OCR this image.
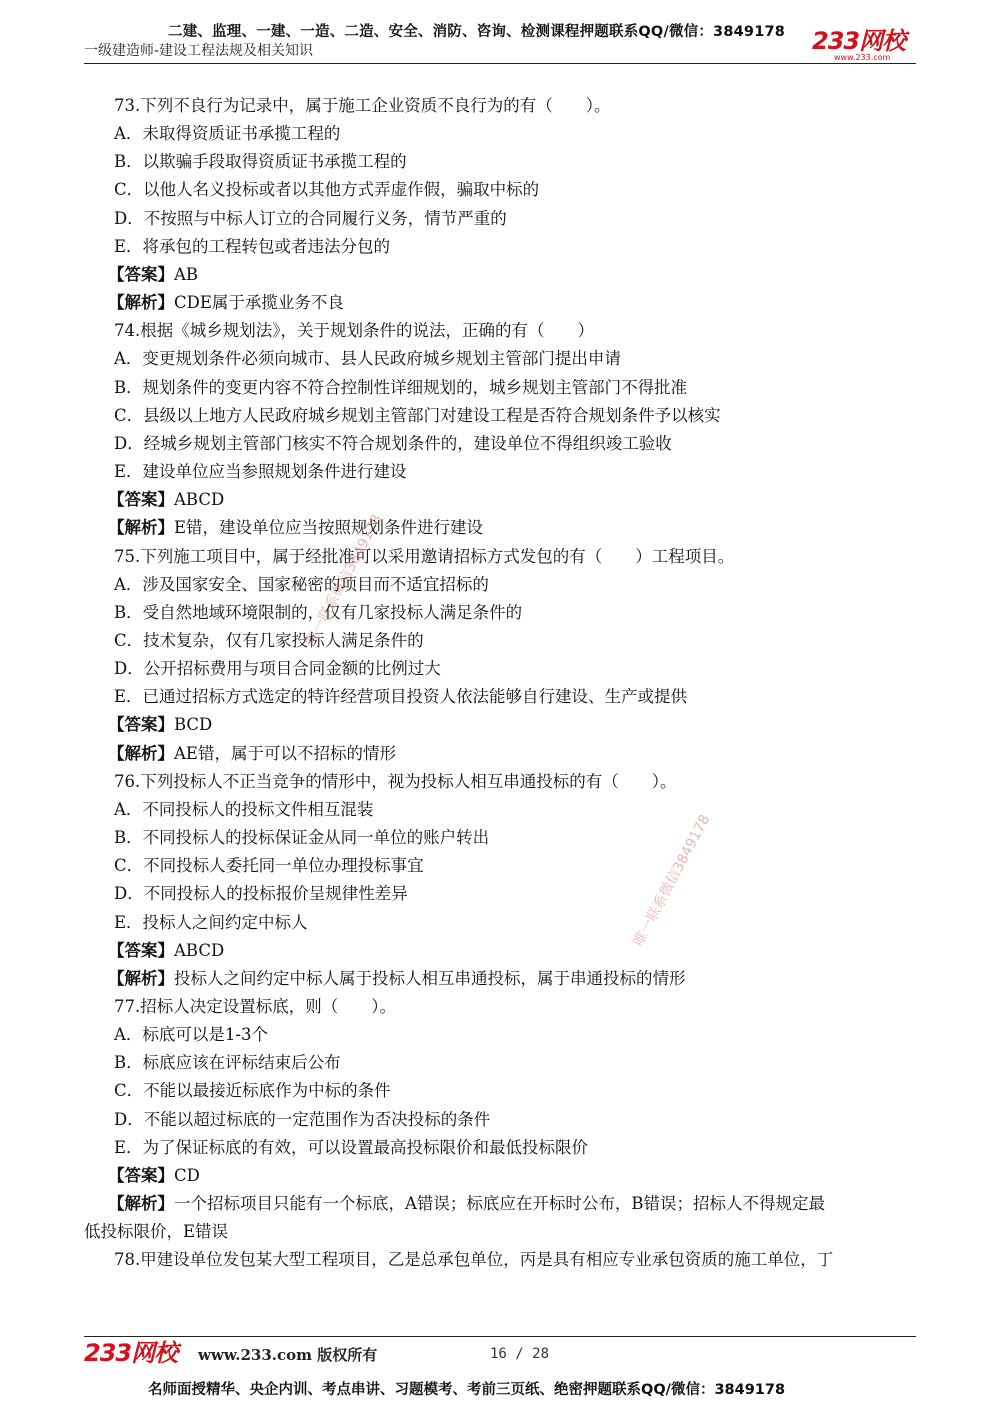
二建、监理、一建、一造、二造、安全、消防、咨询、检测课程押题联系QQ/微信：3849178
一级建造师-建设工程法规及相关知识	233网校
www.233.com

73.下列不良行为记录中，属于施工企业资质不良行为的有（　　）。

A．未取得资质证书承揽工程的

B．以欺骗手段取得资质证书承揽工程的

C．以他人名义投标或者以其他方式弄虚作假，骗取中标的

D．不按照与中标人订立的合同履行义务，情节严重的

E．将承包的工程转包或者违法分包的

【答案】AB

【解析】CDE属于承揽业务不良

74.根据《城乡规划法》，关于规划条件的说法，正确的有（　　）

A．变更规划条件必须向城市、县人民政府城乡规划主管部门提出申请

B．规划条件的变更内容不符合控制性详细规划的，城乡规划主管部门不得批准

C．县级以上地方人民政府城乡规划主管部门对建设工程是否符合规划条件予以核实

D．经城乡规划主管部门核实不符合规划条件的，建设单位不得组织竣工验收

E．建设单位应当参照规划条件进行建设

【答案】ABCD

【解析】E错，建设单位应当按照规划条件进行建设

75.下列施工项目中，属于经批准可以采用邀请招标方式发包的有（　　）工程项目。

A．涉及国家安全、国家秘密的项目而不适宜招标的

B．受自然地域环境限制的，仅有几家投标人满足条件的

C．技术复杂，仅有几家投标人满足条件的

D．公开招标费用与项目合同金额的比例过大

E．已通过招标方式选定的特许经营项目投资人依法能够自行建设、生产或提供

【答案】BCD

【解析】AE错，属于可以不招标的情形

76.下列投标人不正当竞争的情形中，视为投标人相互串通投标的有（　　）。

A．不同投标人的投标文件相互混装

B．不同投标人的投标保证金从同一单位的账户转出

C．不同投标人委托同一单位办理投标事宜

D．不同投标人的投标报价呈规律性差异

E．投标人之间约定中标人

【答案】ABCD

【解析】投标人之间约定中标人属于投标人相互串通投标，属于串通投标的情形

77.招标人决定设置标底，则（　　）。

A．标底可以是1-3个

B．标底应该在评标结束后公布

C．不能以最接近标底作为中标的条件

D．不能以超过标底的一定范围作为否决投标的条件

E．为了保证标底的有效，可以设置最高投标限价和最低投标限价

【答案】CD

【解析】一个招标项目只能有一个标底，A错误；标底应在开标时公布，B错误；招标人不得规定最

低投标限价，E错误

78.甲建设单位发包某大型工程项目，乙是总承包单位，丙是具有相应专业承包资质的施工单位，丁

唯一联系微信3849178
唯一联系微信3849178
233网校 www.233.com 版权所有	16 / 28
名师面授精华、央企内训、考点串讲、习题模考、考前三页纸、绝密押题联系QQ/微信：3849178
